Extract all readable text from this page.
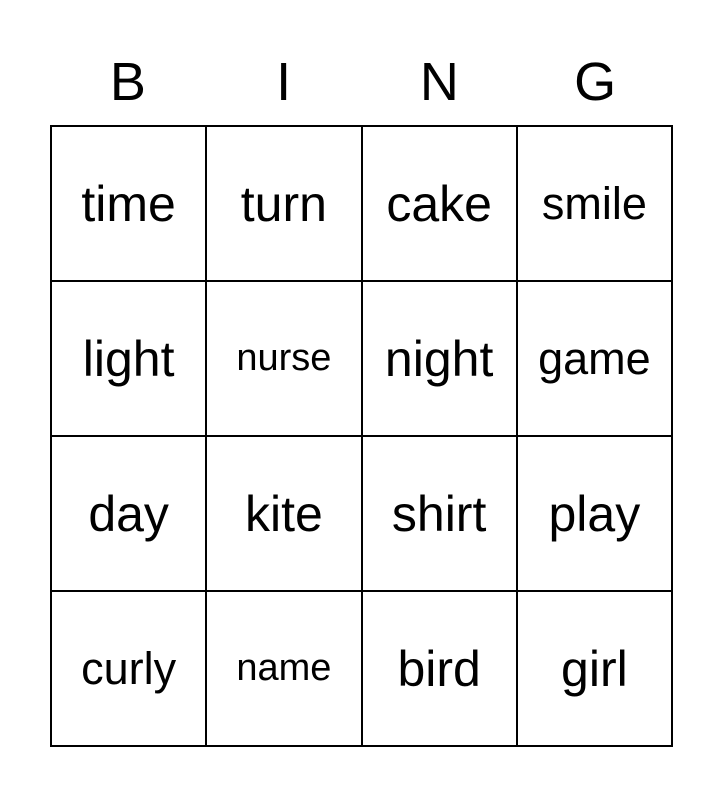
B	I	N	G
time turn cake smile
light nurse night game
day kite shirt play
curly name bird girl
